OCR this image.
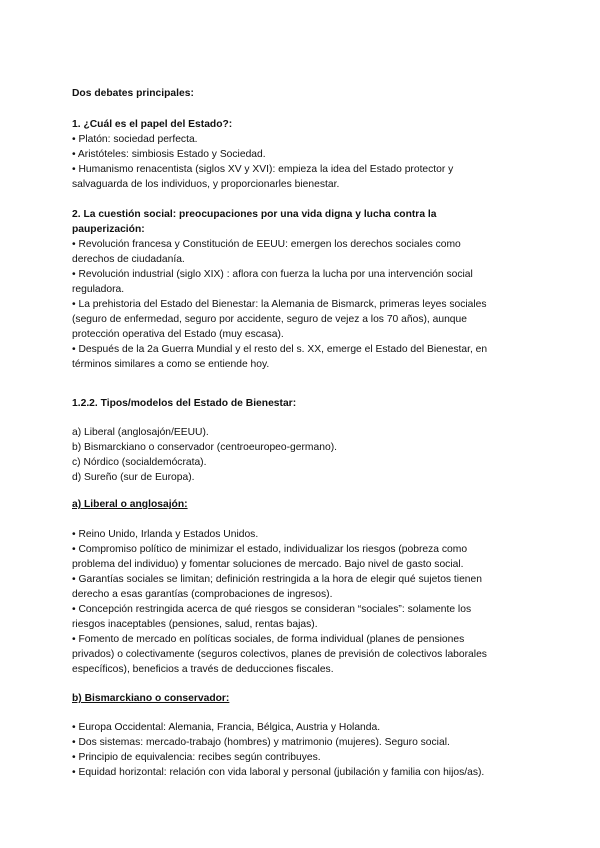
Dos debates principales:
1. ¿Cuál es el papel del Estado?:
• Platón: sociedad perfecta.
• Aristóteles: simbiosis Estado y Sociedad.
• Humanismo renacentista (siglos XV y XVI): empieza la idea del Estado protector y
salvaguarda de los individuos, y proporcionarles bienestar.
2. La cuestión social: preocupaciones por una vida digna y lucha contra la
pauperización:
• Revolución francesa y Constitución de EEUU: emergen los derechos sociales como
derechos de ciudadanía.
• Revolución industrial (siglo XIX) : aflora con fuerza la lucha por una intervención social
reguladora.
• La prehistoria del Estado del Bienestar: la Alemania de Bismarck, primeras leyes sociales
(seguro de enfermedad, seguro por accidente, seguro de vejez a los 70 años), aunque
protección operativa del Estado (muy escasa).
• Después de la 2a Guerra Mundial y el resto del s. XX, emerge el Estado del Bienestar, en
términos similares a como se entiende hoy.
1.2.2. Tipos/modelos del Estado de Bienestar:
a) Liberal (anglosajón/EEUU).
b) Bismarckiano o conservador (centroeuropeo-germano).
c) Nórdico (socialdemócrata).
d) Sureño (sur de Europa).
a) Liberal o anglosajón:
• Reino Unido, Irlanda y Estados Unidos.
• Compromiso político de minimizar el estado, individualizar los riesgos (pobreza como
problema del individuo) y fomentar soluciones de mercado. Bajo nivel de gasto social.
• Garantías sociales se limitan; definición restringida a la hora de elegir qué sujetos tienen
derecho a esas garantías (comprobaciones de ingresos).
• Concepción restringida acerca de qué riesgos se consideran “sociales”: solamente los
riesgos inaceptables (pensiones, salud, rentas bajas).
• Fomento de mercado en políticas sociales, de forma individual (planes de pensiones
privados) o colectivamente (seguros colectivos, planes de previsión de colectivos laborales
específicos), beneficios a través de deducciones fiscales.
b) Bismarckiano o conservador:
• Europa Occidental: Alemania, Francia, Bélgica, Austria y Holanda.
• Dos sistemas: mercado-trabajo (hombres) y matrimonio (mujeres). Seguro social.
• Principio de equivalencia: recibes según contribuyes.
• Equidad horizontal: relación con vida laboral y personal (jubilación y familia con hijos/as).
